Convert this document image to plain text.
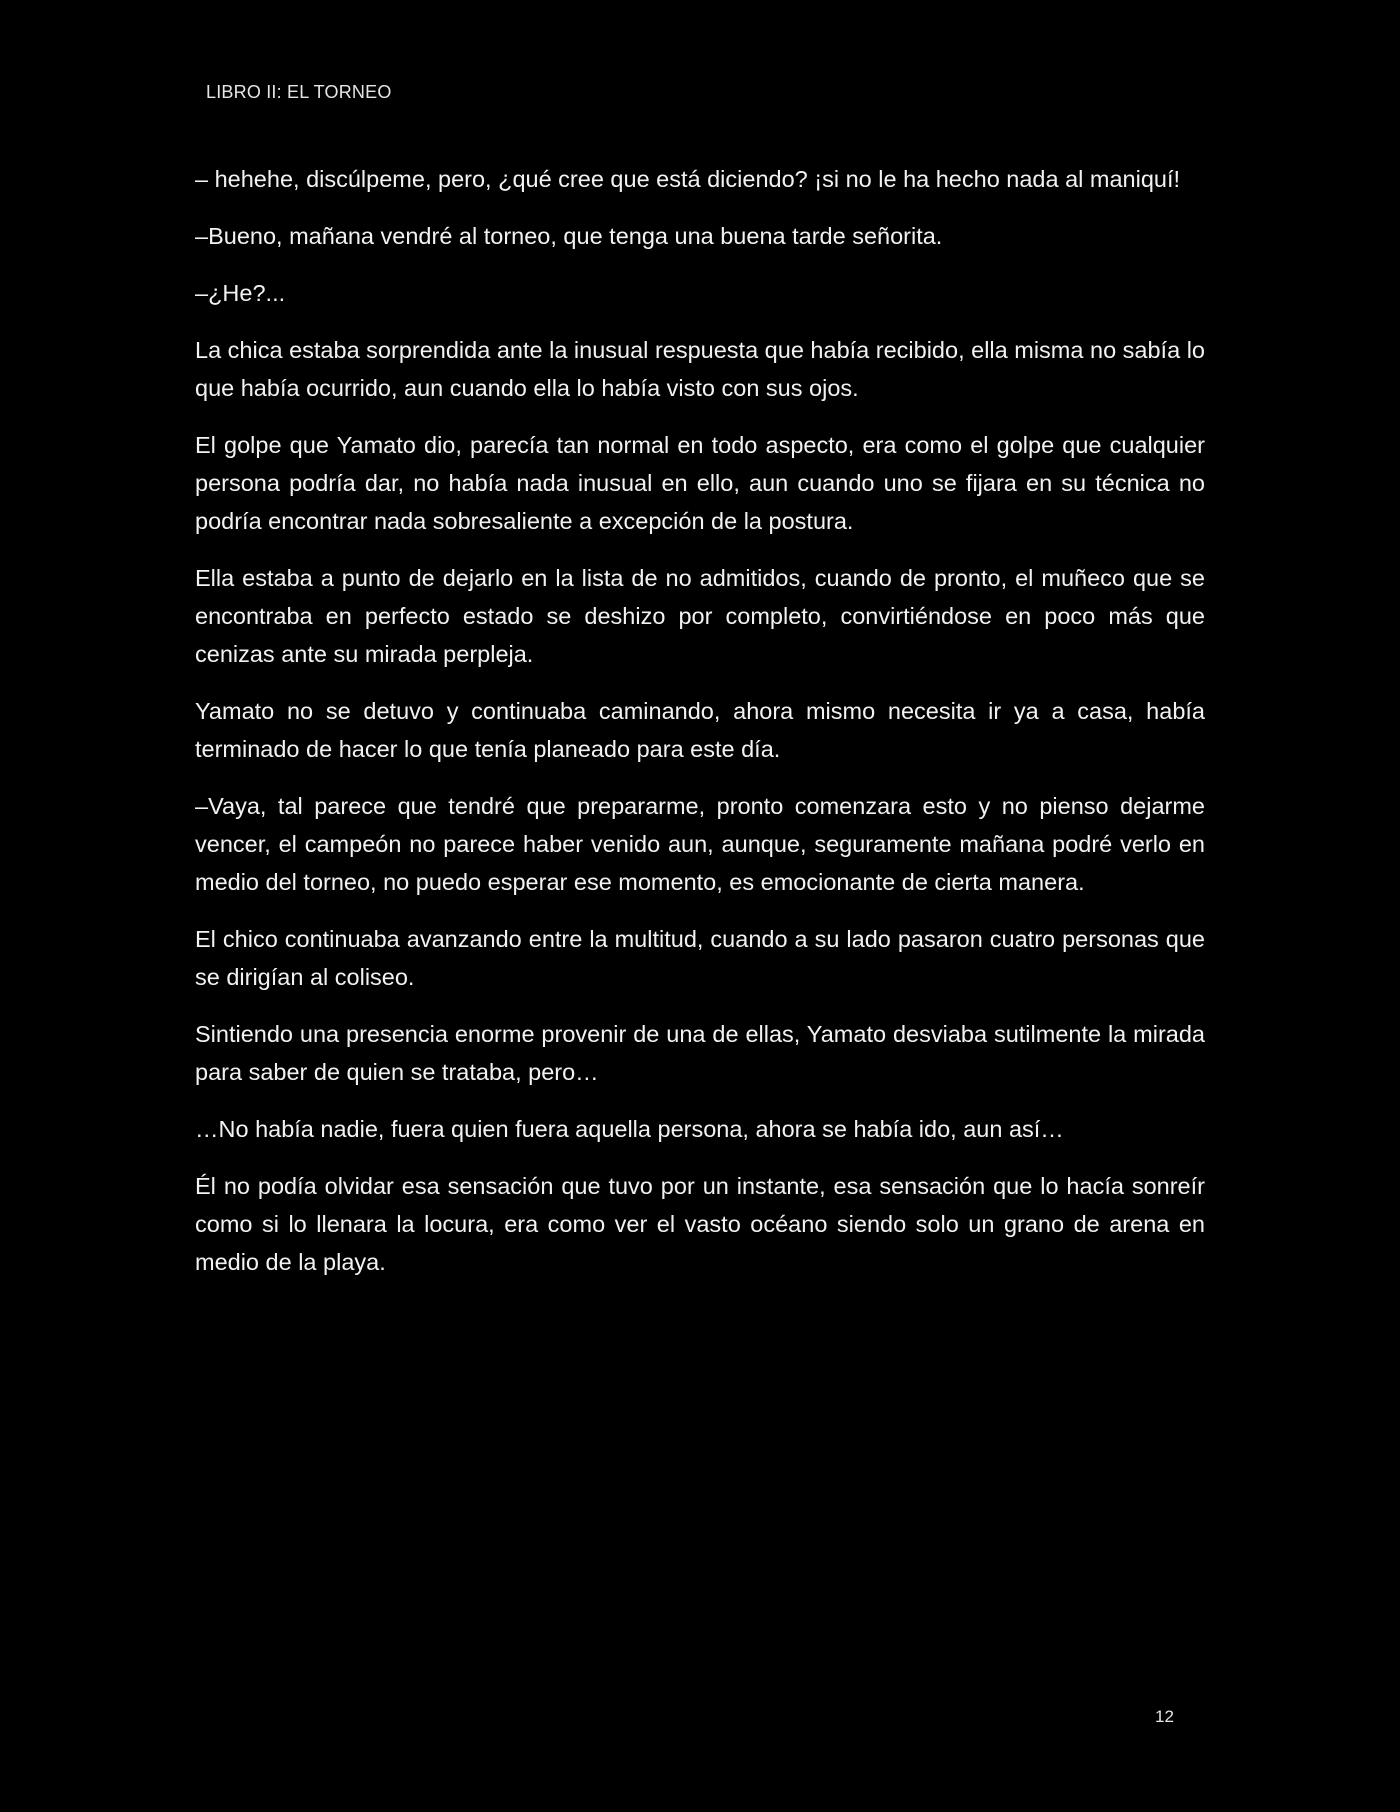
LIBRO II: EL TORNEO

– hehehe, discúlpeme, pero, ¿qué cree que está diciendo? ¡si no le ha hecho nada al maniquí!

–Bueno, mañana vendré al torneo, que tenga una buena tarde señorita.

–¿He?...

La chica estaba sorprendida ante la inusual respuesta que había recibido, ella misma no sabía lo que había ocurrido, aun cuando ella lo había visto con sus ojos.

El golpe que Yamato dio, parecía tan normal en todo aspecto, era como el golpe que cualquier persona podría dar, no había nada inusual en ello, aun cuando uno se fijara en su técnica no podría encontrar nada sobresaliente a excepción de la postura.

Ella estaba a punto de dejarlo en la lista de no admitidos, cuando de pronto, el muñeco que se encontraba en perfecto estado se deshizo por completo, convirtiéndose en poco más que cenizas ante su mirada perpleja.

Yamato no se detuvo y continuaba caminando, ahora mismo necesita ir ya a casa, había terminado de hacer lo que tenía planeado para este día.

–Vaya, tal parece que tendré que prepararme, pronto comenzara esto y no pienso dejarme vencer, el campeón no parece haber venido aun, aunque, seguramente mañana podré verlo en medio del torneo, no puedo esperar ese momento, es emocionante de cierta manera.

El chico continuaba avanzando entre la multitud, cuando a su lado pasaron cuatro personas que se dirigían al coliseo.

Sintiendo una presencia enorme provenir de una de ellas, Yamato desviaba sutilmente la mirada para saber de quien se trataba, pero…

…No había nadie, fuera quien fuera aquella persona, ahora se había ido, aun así…

Él no podía olvidar esa sensación que tuvo por un instante, esa sensación que lo hacía sonreír como si lo llenara la locura, era como ver el vasto océano siendo solo un grano de arena en medio de la playa.

12
